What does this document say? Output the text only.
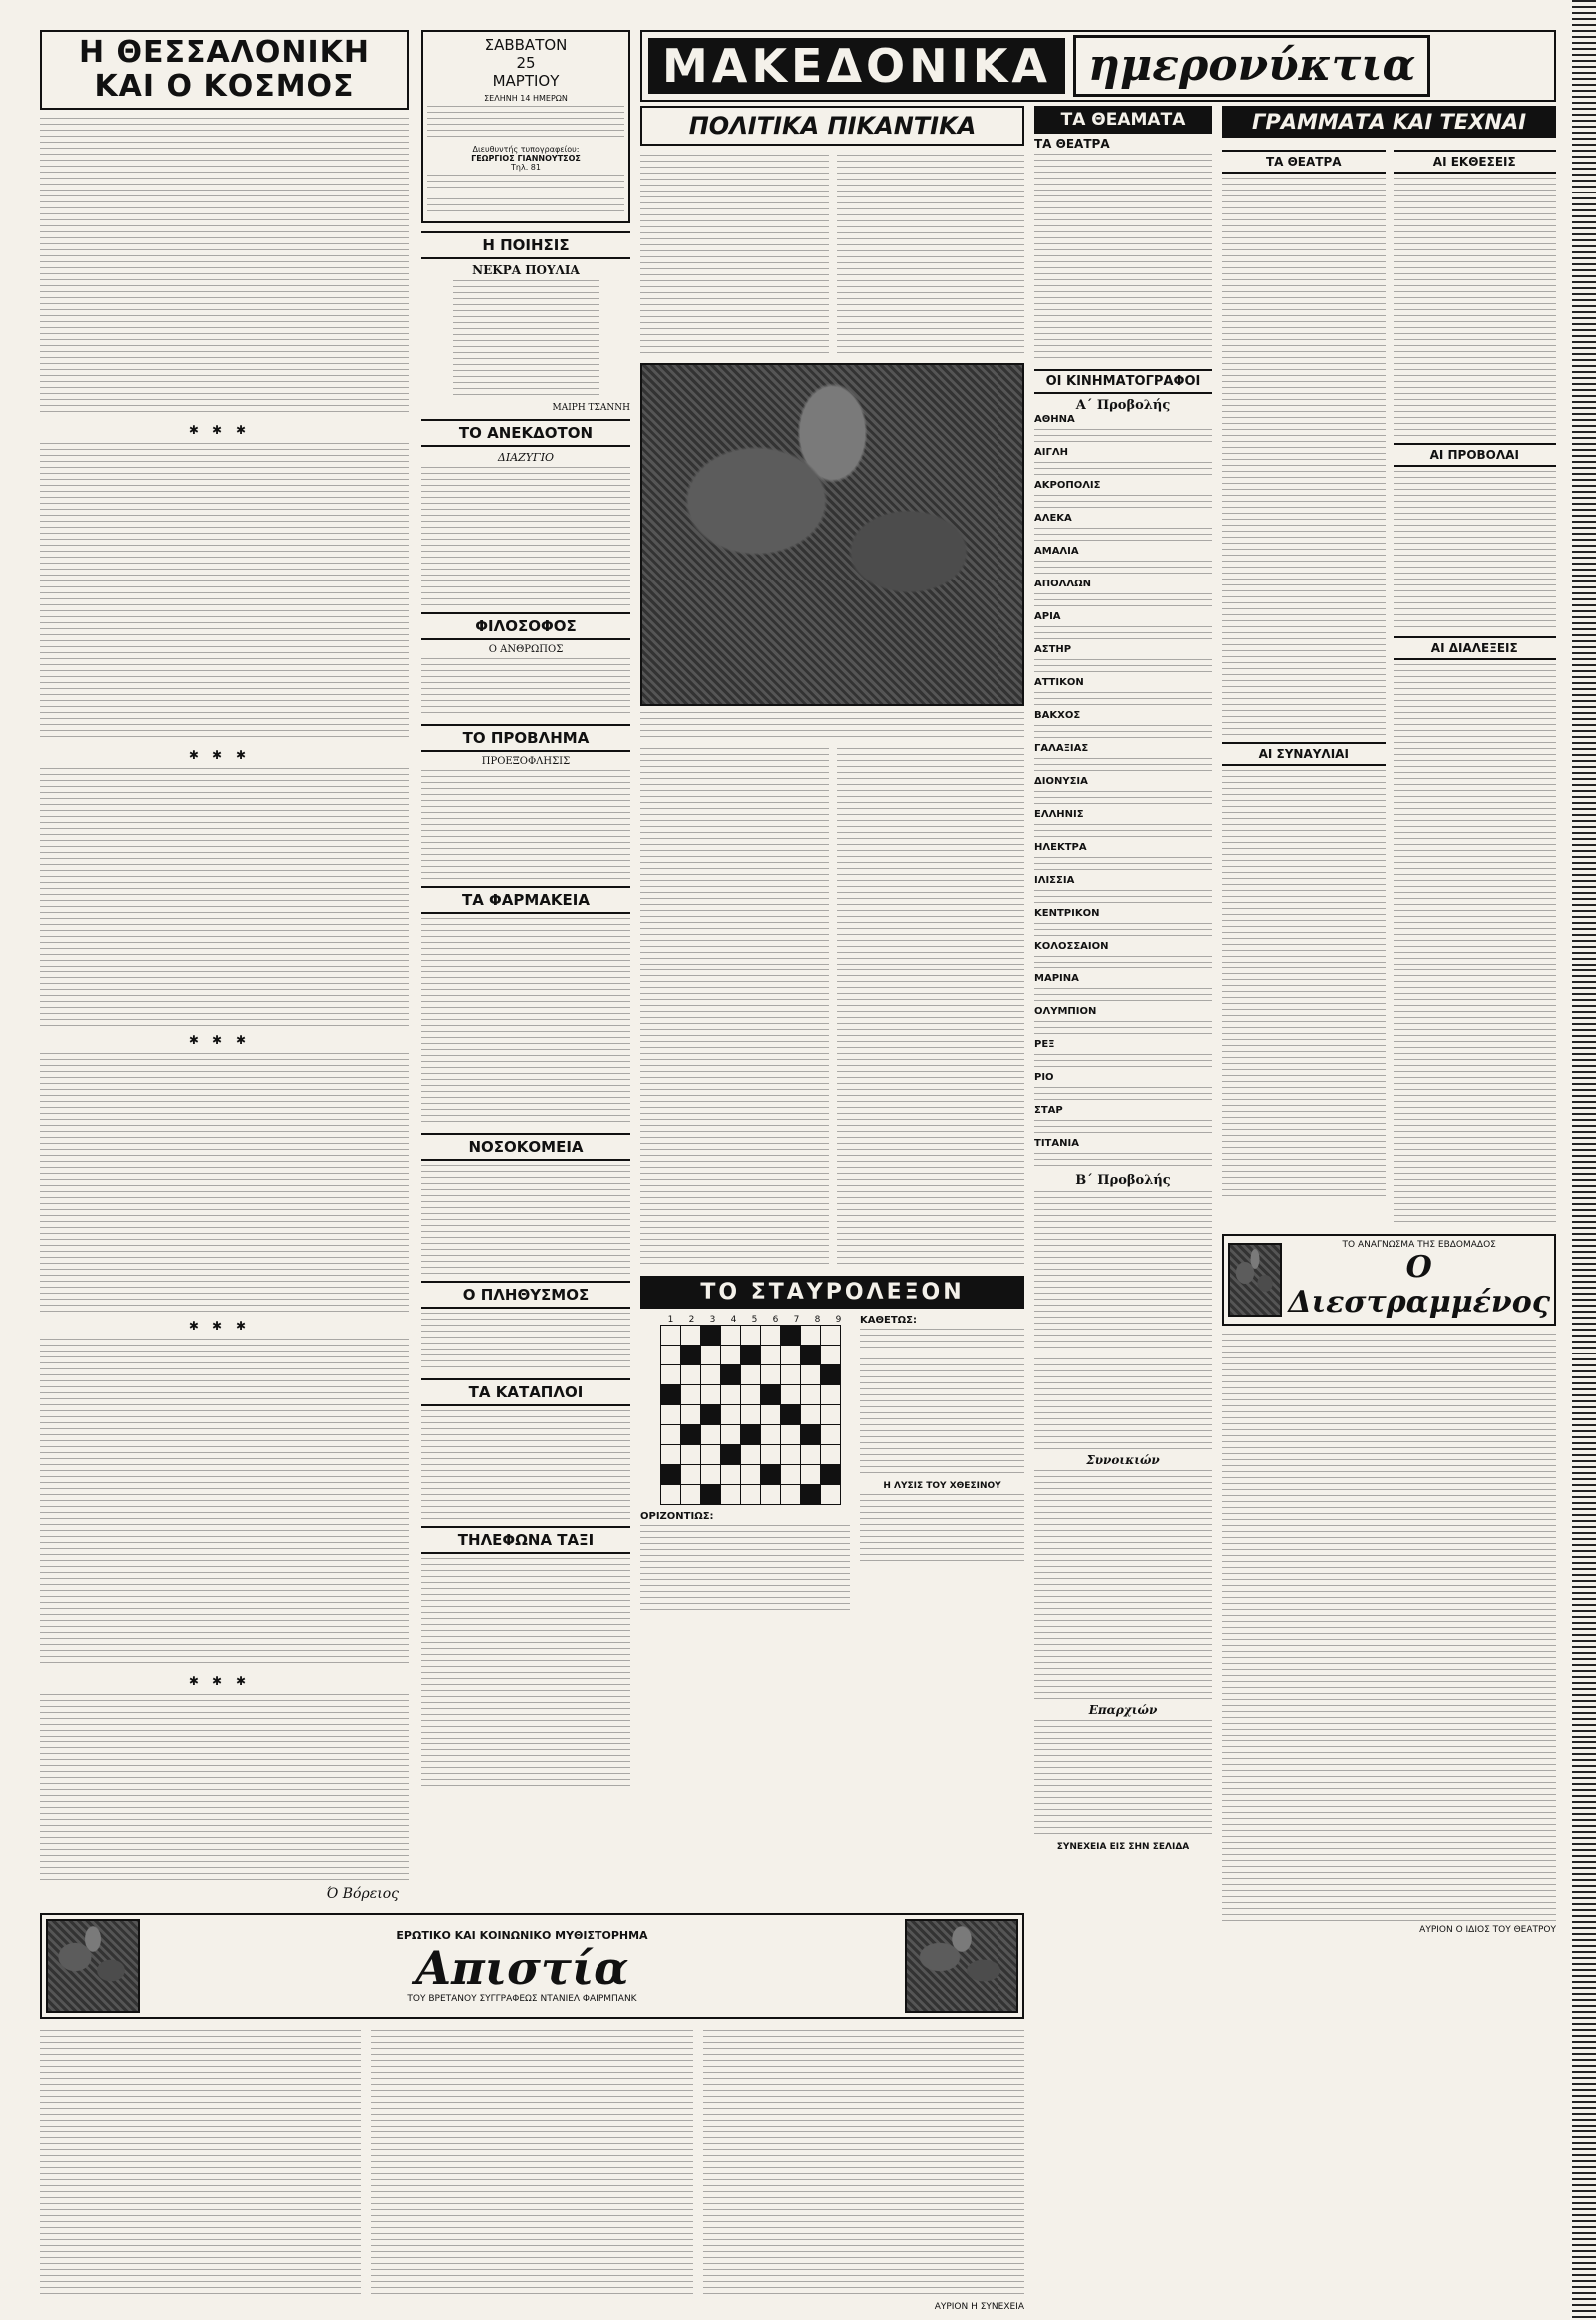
Η ΘΕΣΣΑΛΟΝΙΚΗ
ΚΑΙ Ο ΚΟΣΜΟΣ
✱✱✱
✱✱✱
✱✱✱
✱✱✱
✱✱✱
Ό Βόρειος
ΣΑΒΒΑΤΟΝ
25
ΜΑΡΤΙΟΥ
ΣΕΛΗΝΗ 14 ΗΜΕΡΩΝ
Διευθυντής τυπογραφείου:
ΓΕΩΡΓΙΟΣ ΓΙΑΝΝΟΥΤΣΟΣ
Τηλ. 81
Η ΠΟΙΗΣΙΣ
ΝΕΚΡΑ ΠΟΥΛΙΑ
ΜΑΙΡΗ ΤΣΑΝΝΗ
ΤΟ ΑΝΕΚΔΟΤΟΝ
ΔΙΑΖΥΓΙΟ
ΦΙΛΟΣΟΦΟΣ
Ο ΑΝΘΡΩΠΟΣ
ΤΟ ΠΡΟΒΛΗΜΑ
ΠΡΟΕΞΟΦΛΗΣΙΣ
ΤΑ ΦΑΡΜΑΚΕΙΑ
ΝΟΣΟΚΟΜΕΙΑ
Ο ΠΛΗΘΥΣΜΟΣ
ΤΑ ΚΑΤΑΠΛΟΙ
ΤΗΛΕΦΩΝΑ ΤΑΞΙ
ΜΑΚΕΔΟΝΙΚΑ ημερονύκτια
ΠΟΛΙΤΙΚΑ ΠΙΚΑΝΤΙΚΑ
ΤΟ ΣΤΑΥΡΟΛΕΞΟΝ
1	2	3	4	5	6	7	8	9

ΟΡΙΖΟΝΤΙΩΣ:
ΚΑΘΕΤΩΣ:
Η ΛΥΣΙΣ ΤΟΥ ΧΘΕΣΙΝΟΥ
ΤΑ ΘΕΑΜΑΤΑ
ΤΑ ΘΕΑΤΡΑ
ΟΙ ΚΙΝΗΜΑΤΟΓΡΑΦΟΙ
Α΄ Προβολής
ΑΘΗΝΑ
ΑΙΓΛΗ
ΑΚΡΟΠΟΛΙΣ
ΑΛΕΚΑ
ΑΜΑΛΙΑ
ΑΠΟΛΛΩΝ
ΑΡΙΑ
ΑΣΤΗΡ
ΑΤΤΙΚΟΝ
ΒΑΚΧΟΣ
ΓΑΛΑΞΙΑΣ
ΔΙΟΝΥΣΙΑ
ΕΛΛΗΝΙΣ
ΗΛΕΚΤΡΑ
ΙΛΙΣΣΙΑ
ΚΕΝΤΡΙΚΟΝ
ΚΟΛΟΣΣΑΙΟΝ
ΜΑΡΙΝΑ
ΟΛΥΜΠΙΟΝ
ΡΕΞ
ΡΙΟ
ΣΤΑΡ
ΤΙΤΑΝΙΑ
Β΄ Προβολής
Συνοικιών
Επαρχιών
ΣΥΝΕΧΕΙΑ ΕΙΣ ΣΗΝ ΣΕΛΙΔΑ
ΓΡΑΜΜΑΤΑ ΚΑΙ ΤΕΧΝΑΙ
ΤΑ ΘΕΑΤΡΑ
ΑΙ ΣΥΝΑΥΛΙΑΙ
ΑΙ ΕΚΘΕΣΕΙΣ
ΑΙ ΠΡΟΒΟΛΑΙ
ΑΙ ΔΙΑΛΕΞΕΙΣ
ΤΟ ΑΝΑΓΝΩΣΜΑ ΤΗΣ ΕΒΔΟΜΑΔΟΣ
Ο Διεστραμμένος
ΑΥΡΙΟΝ Ο ΙΔΙΟΣ ΤΟΥ ΘΕΑΤΡΟΥ
ΕΡΩΤΙΚΟ ΚΑΙ ΚΟΙΝΩΝΙΚΟ ΜΥΘΙΣΤΟΡΗΜΑ
Απιστία
ΤΟΥ ΒΡΕΤΑΝΟΥ ΣΥΓΓΡΑΦΕΩΣ ΝΤΑΝΙΕΛ ΦΑΙΡΜΠΑΝΚ
ΑΥΡΙΟΝ Η ΣΥΝΕΧΕΙΑ
